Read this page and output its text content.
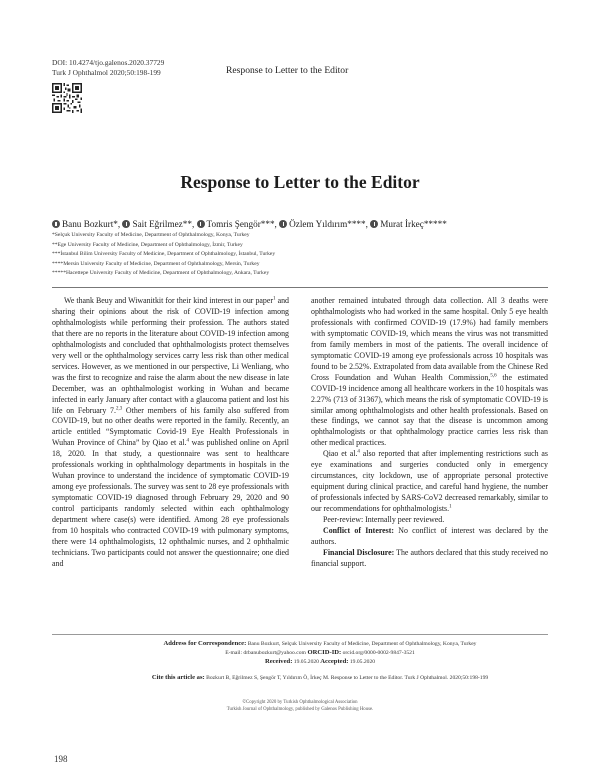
DOI: 10.4274/tjo.galenos.2020.37729
Turk J Ophthalmol 2020;50:198-199	Response to Letter to the Editor
Response to Letter to the Editor
Banu Bozkurt*, Sait Eğrilmez**, Tomris Şengör***, Özlem Yıldırım****, Murat İrkeç*****
*Selçuk University Faculty of Medicine, Department of Ophthalmology, Konya, Turkey
**Ege University Faculty of Medicine, Department of Ophthalmology, İzmir, Turkey
***İstanbul Bilim University Faculty of Medicine, Department of Ophthalmology, İstanbul, Turkey
****Mersin University Faculty of Medicine, Department of Ophthalmology, Mersin, Turkey
*****Hacettepe University Faculty of Medicine, Department of Ophthalmology, Ankara, Turkey

We thank Beuy and Wiwanitkit for their kind interest in our paper$^1$ and sharing their opinions about the risk of COVID-19 infection among ophthalmologists while performing their profession. The authors stated that there are no reports in the literature about COVID-19 infection among ophthalmologists and concluded that ophthalmologists protect themselves very well or the ophthalmology services carry less risk than other medical services. However, as we mentioned in our perspective, Li Wenliang, who was the first to recognize and raise the alarm about the new disease in late December, was an ophthalmologist working in Wuhan and became infected in early January after contact with a glaucoma patient and lost his life on February 7.$^{2,3}$ Other members of his family also suffered from COVID-19, but no other deaths were reported in the family. Recently, an article entitled “Symptomatic Covid-19 Eye Health Professionals in Wuhan Province of China” by Qiao et al.$^4$ was published online on April 18, 2020. In that study, a questionnaire was sent to healthcare professionals working in ophthalmology departments in hospitals in the Wuhan province to understand the incidence of symptomatic COVID-19 among eye professionals. The survey was sent to 28 eye professionals with symptomatic COVID-19 diagnosed through February 29, 2020 and 90 control participants randomly selected within each ophthalmology department where case(s) were identified. Among 28 eye professionals from 10 hospitals who contracted COVID-19 with pulmonary symptoms, there were 14 ophthalmologists, 12 ophthalmic nurses, and 2 ophthalmic technicians. Two participants could not answer the questionnaire; one died and

another remained intubated through data collection. All 3 deaths were ophthalmologists who had worked in the same hospital. Only 5 eye health professionals with confirmed COVID-19 (17.9%) had family members with symptomatic COVID-19, which means the virus was not transmitted from family members in most of the patients. The overall incidence of symptomatic COVID-19 among eye professionals across 10 hospitals was found to be 2.52%. Extrapolated from data available from the Chinese Red Cross Foundation and Wuhan Health Commission,$^{5,6}$ the estimated COVID-19 incidence among all healthcare workers in the 10 hospitals was 2.27% (713 of 31367), which means the risk of symptomatic COVID-19 is similar among ophthalmologists and other health professionals. Based on these findings, we cannot say that the disease is uncommon among ophthalmologists or that ophthalmology practice carries less risk than other medical practices.

Qiao et al.$^4$ also reported that after implementing restrictions such as eye examinations and surgeries conducted only in emergency circumstances, city lockdown, use of appropriate personal protective equipment during clinical practice, and careful hand hygiene, the number of professionals infected by SARS-CoV2 decreased remarkably, similar to our recommendations for ophthalmologists.$^1$

Peer-review: Internally peer reviewed.

Conflict of Interest: No conflict of interest was declared by the authors.

Financial Disclosure: The authors declared that this study received no financial support.

Address for Correspondence: Banu Bozkurt, Selçuk University Faculty of Medicine, Department of Ophthalmology, Konya, Turkey
E-mail: drbanubozkurt@yahoo.com ORCID-ID: orcid.org/0000-0002-9847-3521
Received: 19.05.2020 Accepted: 19.05.2020
Cite this article as: Bozkurt B, Eğrilmez S, Şengör T, Yıldırım Ö, İrkeç M. Response to Letter to the Editor. Turk J Ophthalmol. 2020;50:198-199
©Copyright 2020 by Turkish Ophthalmological Association
Turkish Journal of Ophthalmology, published by Galenos Publishing House.
198
